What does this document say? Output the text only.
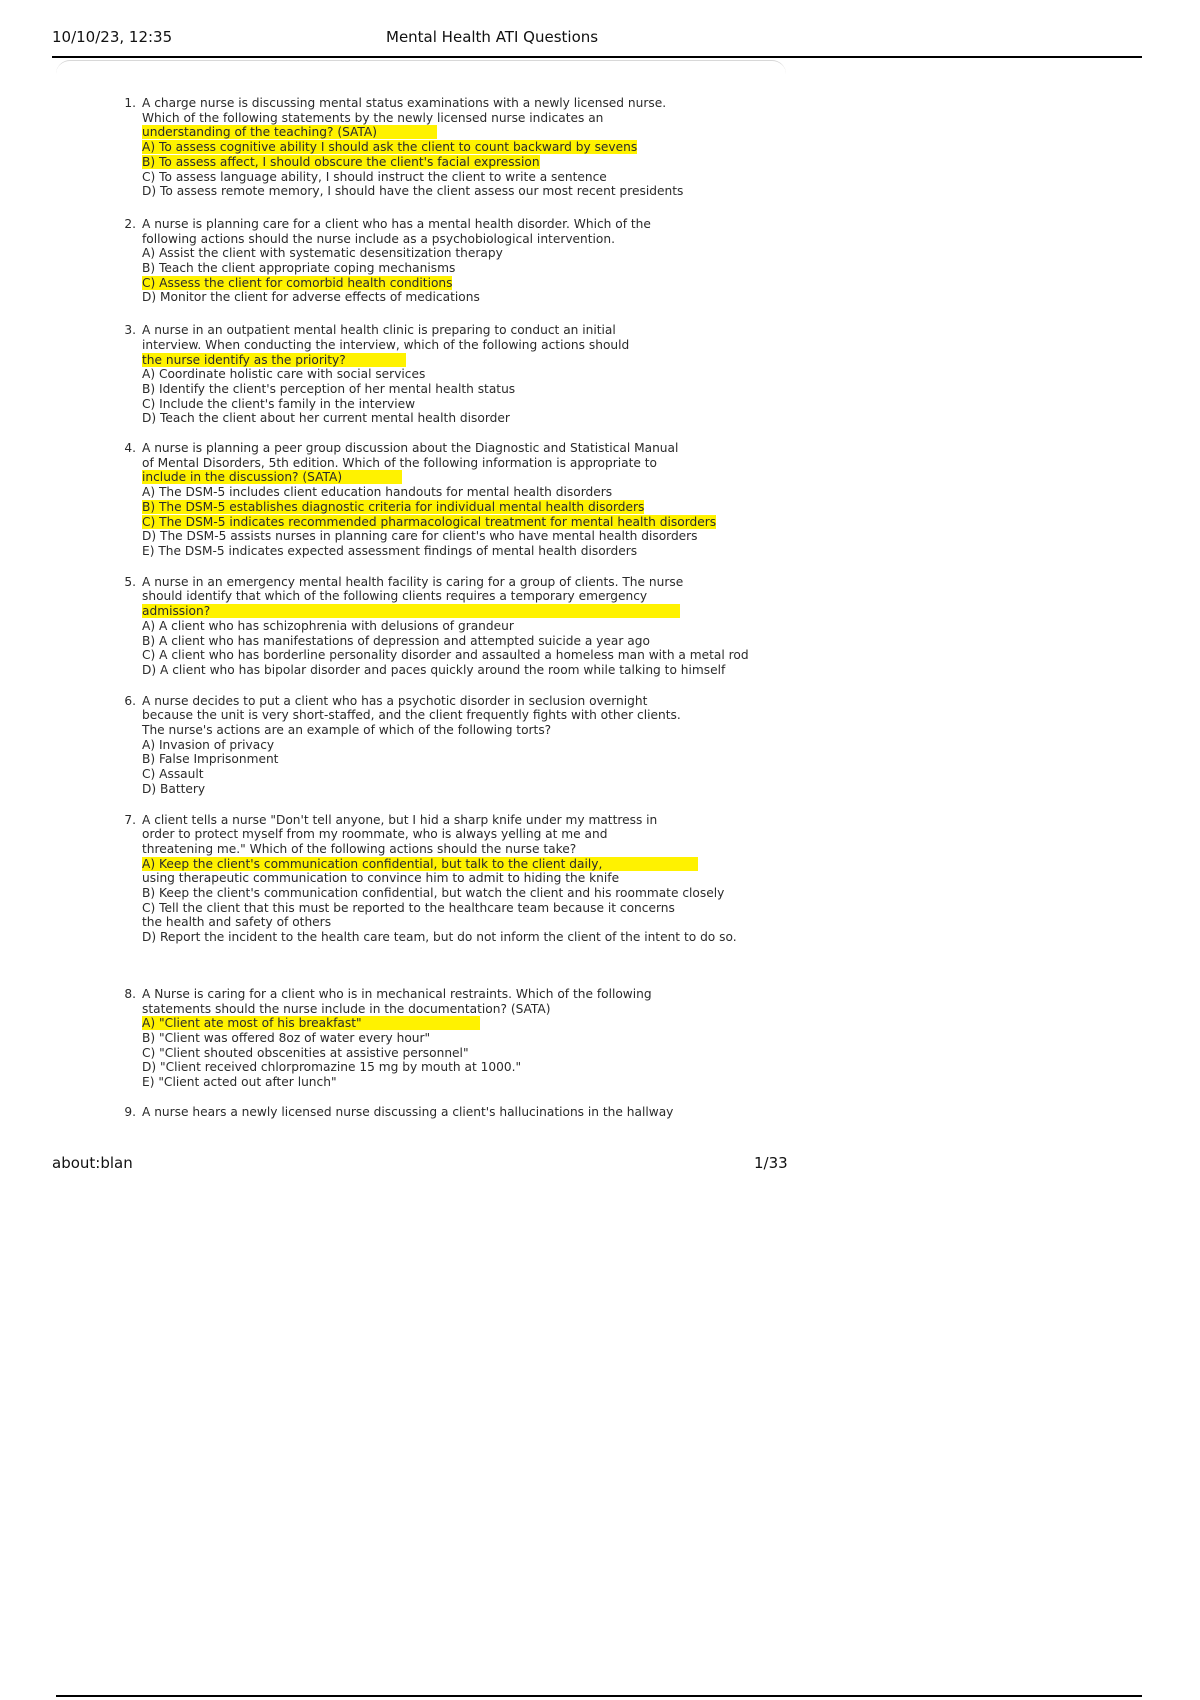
10/10/23, 12:35	Mental Health ATI Questions
1. A charge nurse is discussing mental status examinations with a newly licensed nurse.

Which of the following statements by the newly licensed nurse indicates an

understanding of the teaching? (SATA)

A) To assess cognitive ability I should ask the client to count backward by sevens

B) To assess affect, I should obscure the client's facial expression

C) To assess language ability, I should instruct the client to write a sentence

D) To assess remote memory, I should have the client assess our most recent presidents

2. A nurse is planning care for a client who has a mental health disorder. Which of the

following actions should the nurse include as a psychobiological intervention.

A) Assist the client with systematic desensitization therapy

B) Teach the client appropriate coping mechanisms

C) Assess the client for comorbid health conditions

D) Monitor the client for adverse effects of medications

3. A nurse in an outpatient mental health clinic is preparing to conduct an initial

interview. When conducting the interview, which of the following actions should

the nurse identify as the priority?

A) Coordinate holistic care with social services

B) Identify the client's perception of her mental health status

C) Include the client's family in the interview

D) Teach the client about her current mental health disorder

4. A nurse is planning a peer group discussion about the Diagnostic and Statistical Manual

of Mental Disorders, 5th edition. Which of the following information is appropriate to

include in the discussion? (SATA)

A) The DSM-5 includes client education handouts for mental health disorders

B) The DSM-5 establishes diagnostic criteria for individual mental health disorders

C) The DSM-5 indicates recommended pharmacological treatment for mental health disorders

D) The DSM-5 assists nurses in planning care for client's who have mental health disorders

E) The DSM-5 indicates expected assessment findings of mental health disorders

5. A nurse in an emergency mental health facility is caring for a group of clients. The nurse

should identify that which of the following clients requires a temporary emergency

admission?

A) A client who has schizophrenia with delusions of grandeur

B) A client who has manifestations of depression and attempted suicide a year ago

C) A client who has borderline personality disorder and assaulted a homeless man with a metal rod

D) A client who has bipolar disorder and paces quickly around the room while talking to himself

6. A nurse decides to put a client who has a psychotic disorder in seclusion overnight

because the unit is very short-staffed, and the client frequently fights with other clients.

The nurse's actions are an example of which of the following torts?

A) Invasion of privacy

B) False Imprisonment

C) Assault

D) Battery

7. A client tells a nurse "Don't tell anyone, but I hid a sharp knife under my mattress in

order to protect myself from my roommate, who is always yelling at me and

threatening me." Which of the following actions should the nurse take?

A) Keep the client's communication confidential, but talk to the client daily,

using therapeutic communication to convince him to admit to hiding the knife

B) Keep the client's communication confidential, but watch the client and his roommate closely

C) Tell the client that this must be reported to the healthcare team because it concerns

the health and safety of others

D) Report the incident to the health care team, but do not inform the client of the intent to do so.

8. A Nurse is caring for a client who is in mechanical restraints. Which of the following

statements should the nurse include in the documentation? (SATA)

A) "Client ate most of his breakfast"

B) "Client was offered 8oz of water every hour"

C) "Client shouted obscenities at assistive personnel"

D) "Client received chlorpromazine 15 mg by mouth at 1000."

E) "Client acted out after lunch"

9. A nurse hears a newly licensed nurse discussing a client's hallucinations in the hallway

about:blan	1/33
